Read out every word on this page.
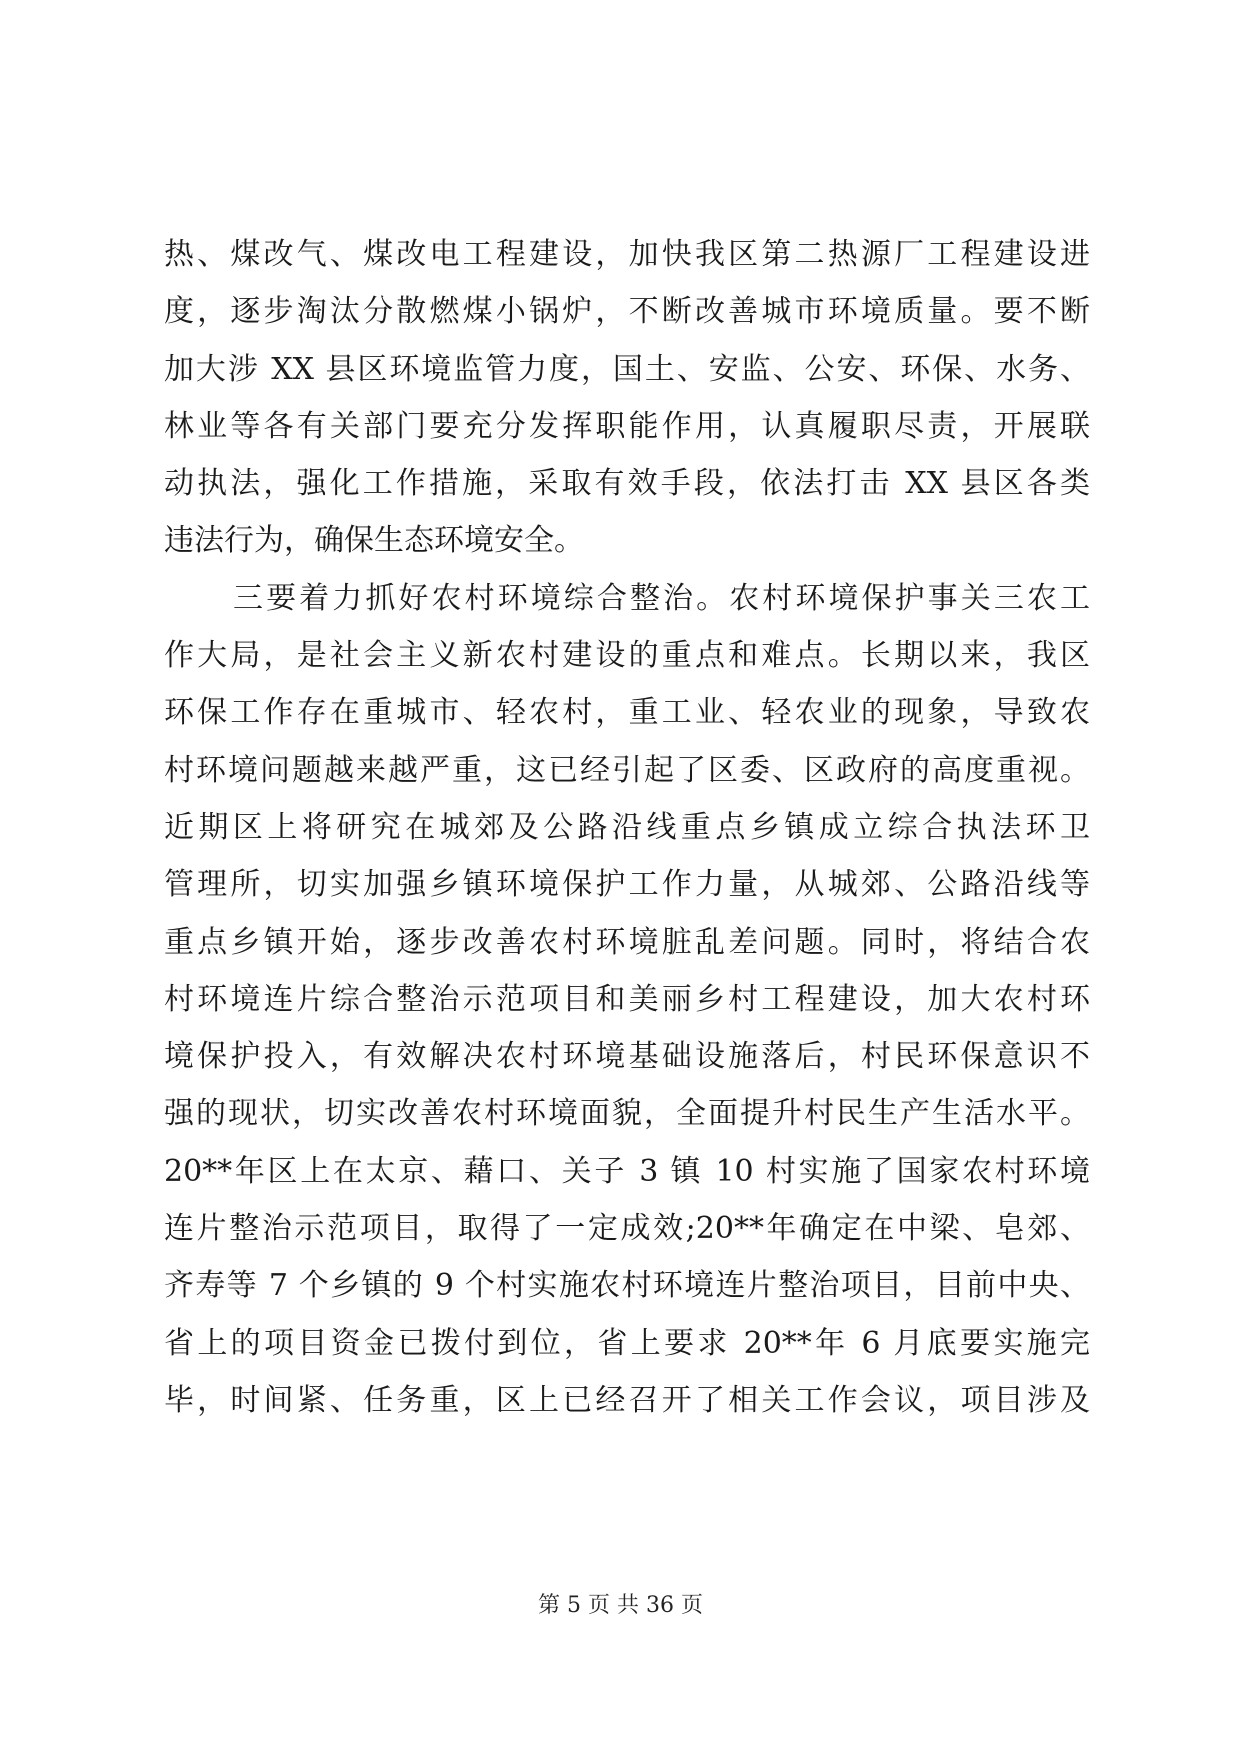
热、煤改气、煤改电工程建设，加快我区第二热源厂工程建设进
度，逐步淘汰分散燃煤小锅炉，不断改善城市环境质量。要不断
加大涉 XX 县区环境监管力度，国土、安监、公安、环保、水务、
林业等各有关部门要充分发挥职能作用，认真履职尽责，开展联
动执法，强化工作措施，采取有效手段，依法打击 XX 县区各类
违法行为，确保生态环境安全。
三要着力抓好农村环境综合整治。农村环境保护事关三农工
作大局，是社会主义新农村建设的重点和难点。长期以来，我区
环保工作存在重城市、轻农村，重工业、轻农业的现象，导致农
村环境问题越来越严重，这已经引起了区委、区政府的高度重视。
近期区上将研究在城郊及公路沿线重点乡镇成立综合执法环卫
管理所，切实加强乡镇环境保护工作力量，从城郊、公路沿线等
重点乡镇开始，逐步改善农村环境脏乱差问题。同时，将结合农
村环境连片综合整治示范项目和美丽乡村工程建设，加大农村环
境保护投入，有效解决农村环境基础设施落后，村民环保意识不
强的现状，切实改善农村环境面貌，全面提升村民生产生活水平。
20**年区上在太京、藉口、关子 3 镇 10 村实施了国家农村环境
连片整治示范项目，取得了一定成效;20**年确定在中梁、皂郊、
齐寿等 7 个乡镇的 9 个村实施农村环境连片整治项目，目前中央、
省上的项目资金已拨付到位，省上要求 20**年 6 月底要实施完
毕，时间紧、任务重，区上已经召开了相关工作会议，项目涉及
第 5 页 共 36 页
